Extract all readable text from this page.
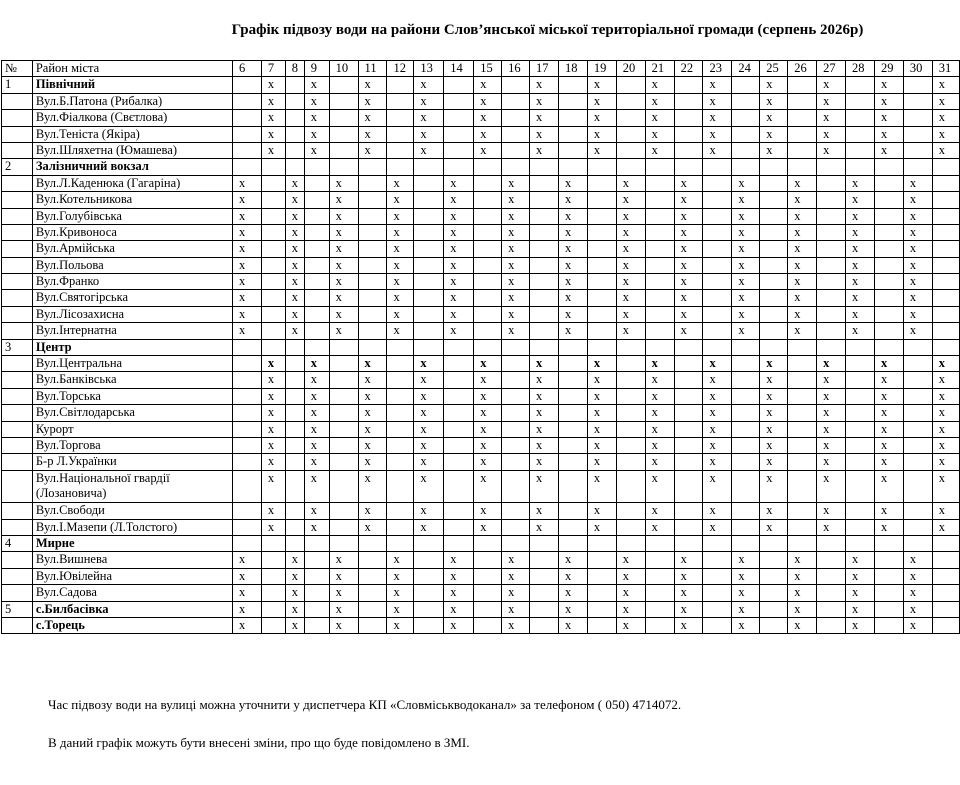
Графік підвозу води на райони Слов’янської міської територіальної громади (серпень 2026р)
№	Район міста	6	7	8	9	10	11	12	13	14	15	16	17	18	19	20	21	22	23	24	25	26	27	28	29	30	31
1	Північний		х		х		х		х		х		х		х		х		х		х		х		х		х
	Вул.Б.Патона (Рибалка)		х		х		х		х		х		х		х		х		х		х		х		х		х
	Вул.Фіалкова (Свєтлова)		х		х		х		х		х		х		х		х		х		х		х		х		х
	Вул.Теніста (Якіра)		х		х		х		х		х		х		х		х		х		х		х		х		х
	Вул.Шляхетна (Юмашева)		х		х		х		х		х		х		х		х		х		х		х		х		х
2	Залізничний вокзал																										
	Вул.Л.Каденюка (Гагаріна)	х		х		х		х		х		х		х		х		х		х		х		х		х	
	Вул.Котельникова	х		х		х		х		х		х		х		х		х		х		х		х		х	
	Вул.Голубівська	х		х		х		х		х		х		х		х		х		х		х		х		х	
	Вул.Кривоноса	х		х		х		х		х		х		х		х		х		х		х		х		х	
	Вул.Армійська	х		х		х		х		х		х		х		х		х		х		х		х		х	
	Вул.Польова	х		х		х		х		х		х		х		х		х		х		х		х		х	
	Вул.Франко	х		х		х		х		х		х		х		х		х		х		х		х		х	
	Вул.Святогірська	х		х		х		х		х		х		х		х		х		х		х		х		х	
	Вул.Лісозахисна	х		х		х		х		х		х		х		х		х		х		х		х		х	
	Вул.Інтернатна	х		х		х		х		х		х		х		х		х		х		х		х		х	
3	Центр																										
	Вул.Центральна		х		х		х		х		х		х		х		х		х		х		х		х		х
	Вул.Банківська		х		х		х		х		х		х		х		х		х		х		х		х		х
	Вул.Торська		х		х		х		х		х		х		х		х		х		х		х		х		х
	Вул.Світлодарська		х		х		х		х		х		х		х		х		х		х		х		х		х
	Курорт		х		х		х		х		х		х		х		х		х		х		х		х		х
	Вул.Торгова		х		х		х		х		х		х		х		х		х		х		х		х		х
	Б-р Л.Українки		х		х		х		х		х		х		х		х		х		х		х		х		х
	Вул.Національної гвардії (Лозановича)		х		х		х		х		х		х		х		х		х		х		х		х		х
	Вул.Свободи		х		х		х		х		х		х		х		х		х		х		х		х		х
	Вул.І.Мазепи (Л.Толстого)		х		х		х		х		х		х		х		х		х		х		х		х		х
4	Мирне																										
	Вул.Вишнева	х		х		х		х		х		х		х		х		х		х		х		х		х	
	Вул.Ювілейна	х		х		х		х		х		х		х		х		х		х		х		х		х	
	Вул.Садова	х		х		х		х		х		х		х		х		х		х		х		х		х	
5	с.Билбасівка	х		х		х		х		х		х		х		х		х		х		х		х		х	
	с.Торець	х		х		х		х		х		х		х		х		х		х		х		х		х	
Час підвозу води на вулиці можна уточнити у диспетчера КП «Словміськводоканал» за телефоном ( 050) 4714072.
В даний графік можуть бути внесені зміни, про що буде повідомлено в ЗМІ.
